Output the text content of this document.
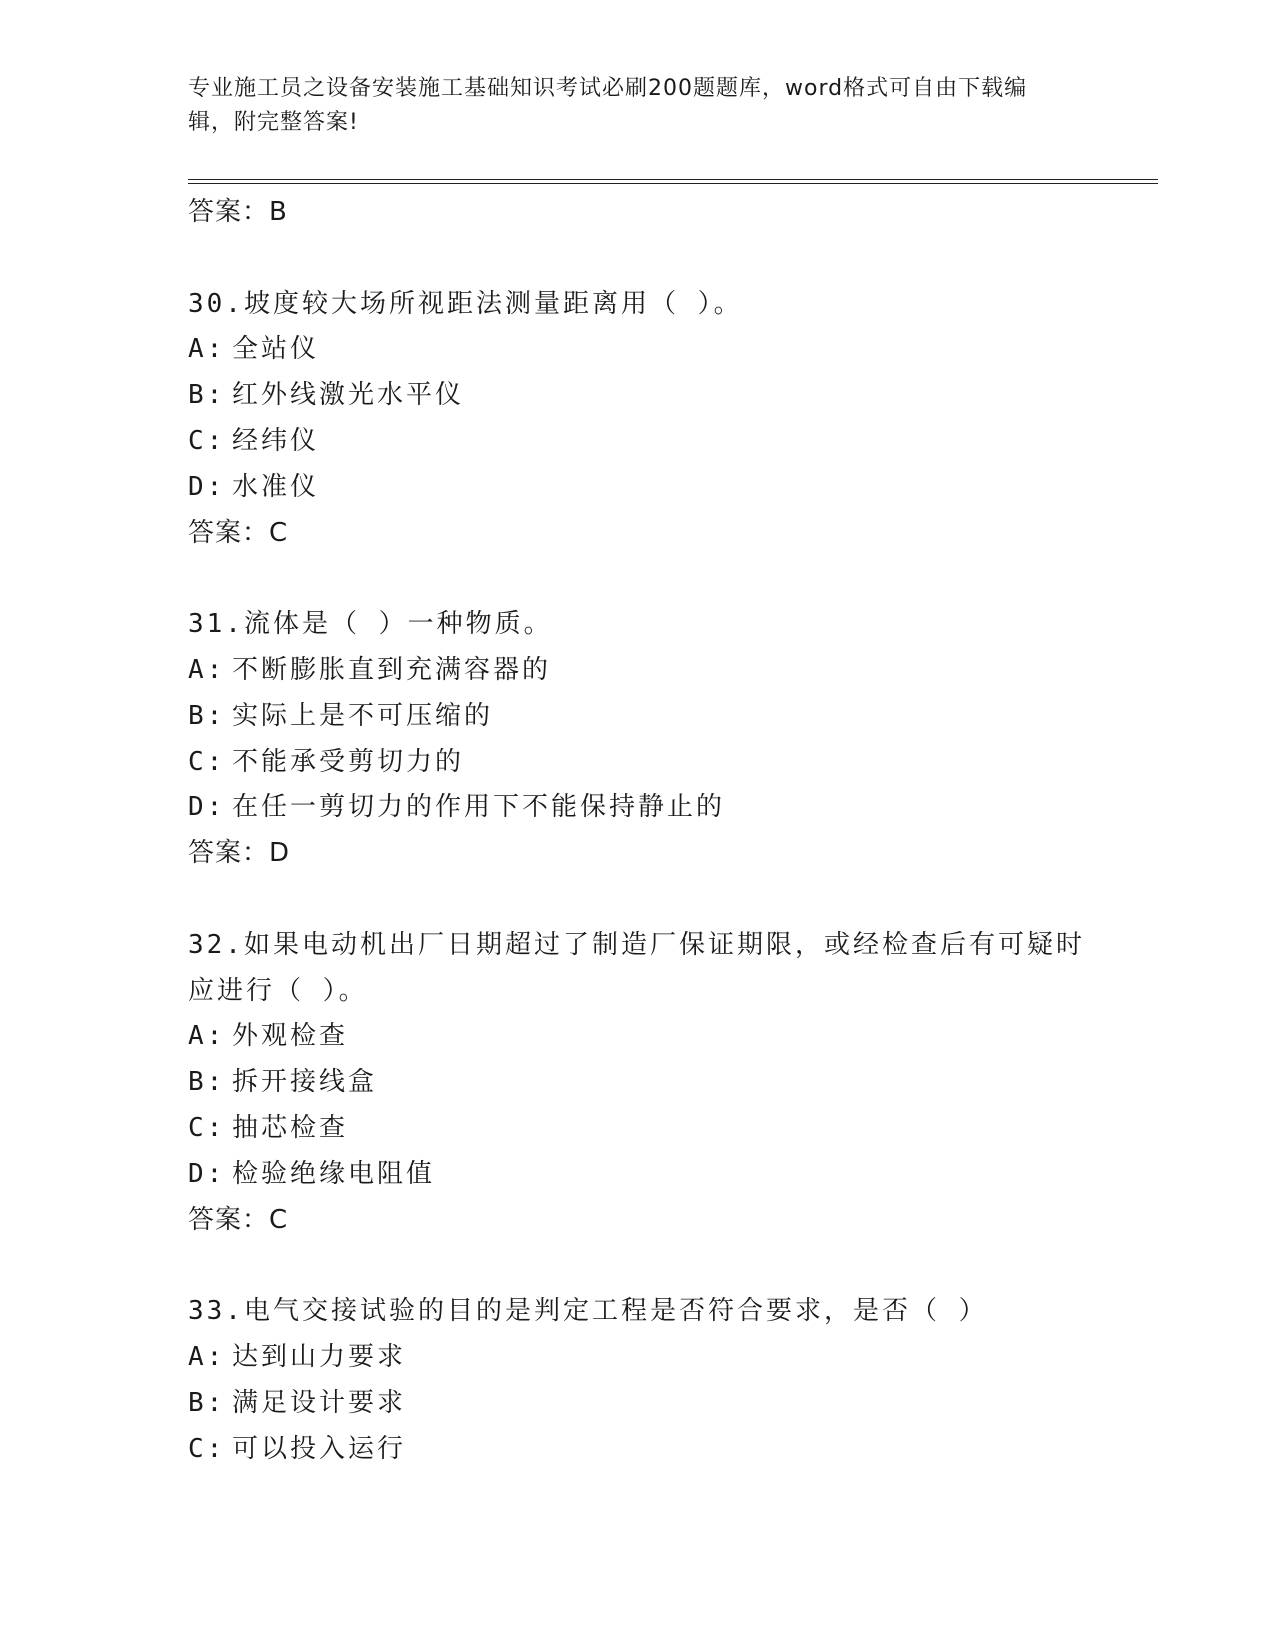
专业施工员之设备安装施工基础知识考试必刷200题题库，word格式可自由下载编辑，附完整答案!
答案：B
30.坡度较大场所视距法测量距离用（ ）。
A: 全站仪
B: 红外线激光水平仪
C: 经纬仪
D: 水准仪
答案：C
31.流体是（ ）一种物质。
A: 不断膨胀直到充满容器的
B: 实际上是不可压缩的
C: 不能承受剪切力的
D: 在任一剪切力的作用下不能保持静止的
答案：D
32.如果电动机出厂日期超过了制造厂保证期限，或经检查后有可疑时
应进行（ ）。
A: 外观检查
B: 拆开接线盒
C: 抽芯检查
D: 检验绝缘电阻值
答案：C
33.电气交接试验的目的是判定工程是否符合要求，是否（ ）
A: 达到山力要求
B: 满足设计要求
C: 可以投入运行
